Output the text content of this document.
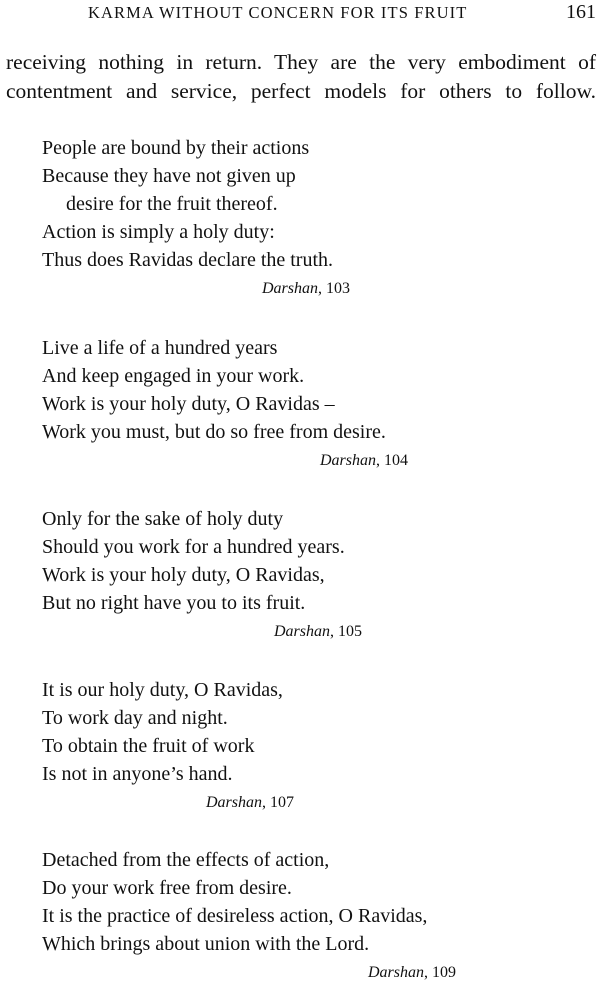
KARMA WITHOUT CONCERN FOR ITS FRUIT	161
receiving nothing in return. They are the very embodiment of
contentment and service, perfect models for others to follow.
People are bound by their actions
Because they have not given up
desire for the fruit thereof.
Action is simply a holy duty:
Thus does Ravidas declare the truth.
Darshan, 103
Live a life of a hundred years
And keep engaged in your work.
Work is your holy duty, O Ravidas –
Work you must, but do so free from desire.
Darshan, 104
Only for the sake of holy duty
Should you work for a hundred years.
Work is your holy duty, O Ravidas,
But no right have you to its fruit.
Darshan, 105
It is our holy duty, O Ravidas,
To work day and night.
To obtain the fruit of work
Is not in anyone’s hand.
Darshan, 107
Detached from the effects of action,
Do your work free from desire.
It is the practice of desireless action, O Ravidas,
Which brings about union with the Lord.
Darshan, 109
